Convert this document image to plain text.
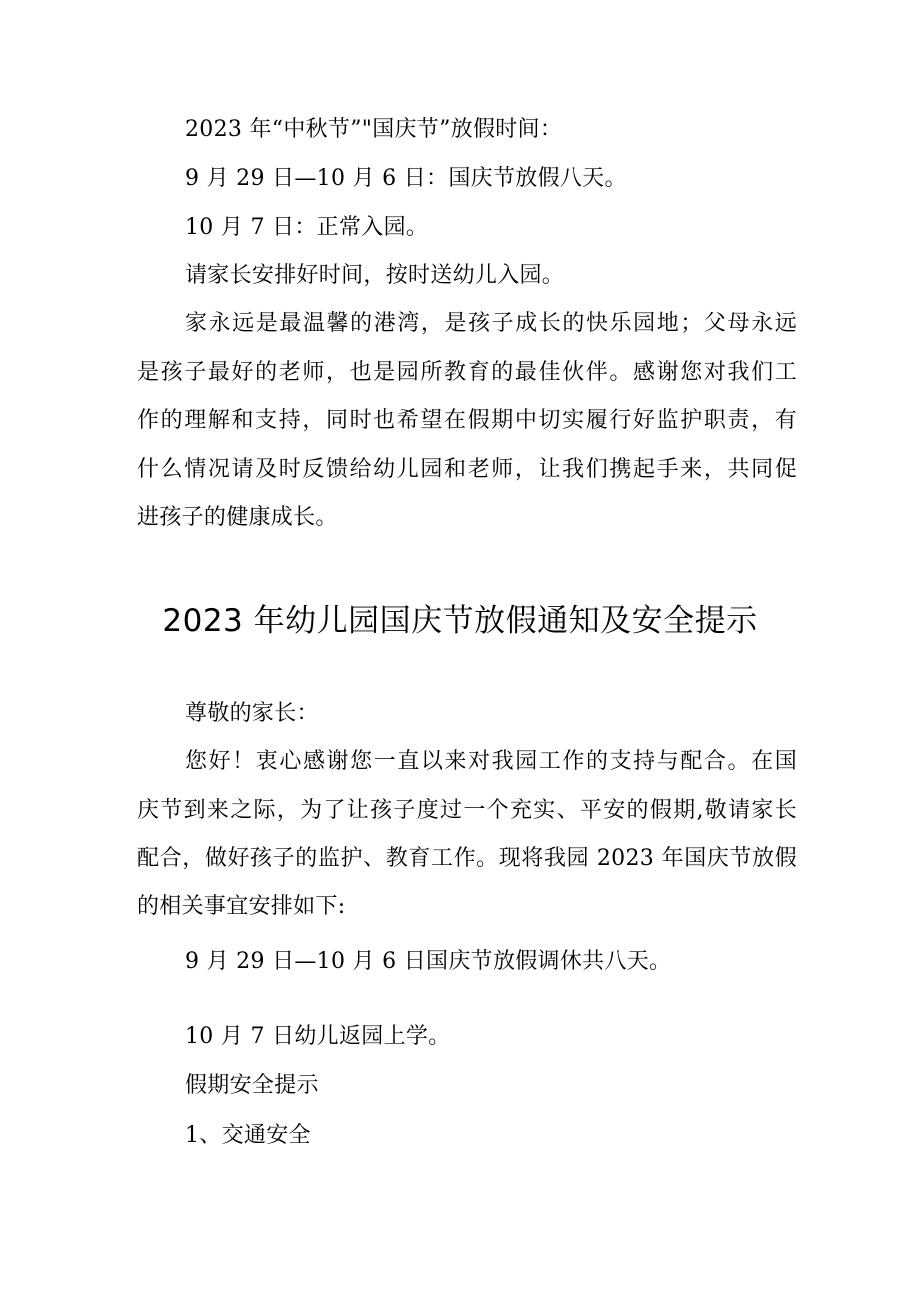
2023 年“中秋节”"国庆节”放假时间：
9 月 29 日—10 月 6 日：国庆节放假八天。
10 月 7 日：正常入园。
请家长安排好时间，按时送幼儿入园。
家永远是最温馨的港湾，是孩子成长的快乐园地；父母永远
是孩子最好的老师，也是园所教育的最佳伙伴。感谢您对我们工
作的理解和支持，同时也希望在假期中切实履行好监护职责，有
什么情况请及时反馈给幼儿园和老师，让我们携起手来，共同促
进孩子的健康成长。
2023 年幼儿园国庆节放假通知及安全提示
尊敬的家长：
您好！衷心感谢您一直以来对我园工作的支持与配合。在国
庆节到来之际，为了让孩子度过一个充实、平安的假期,敬请家长
配合，做好孩子的监护、教育工作。现将我园 2023 年国庆节放假
的相关事宜安排如下:
9 月 29 日—10 月 6 日国庆节放假调休共八天。
10 月 7 日幼儿返园上学。
假期安全提示
1、交通安全
